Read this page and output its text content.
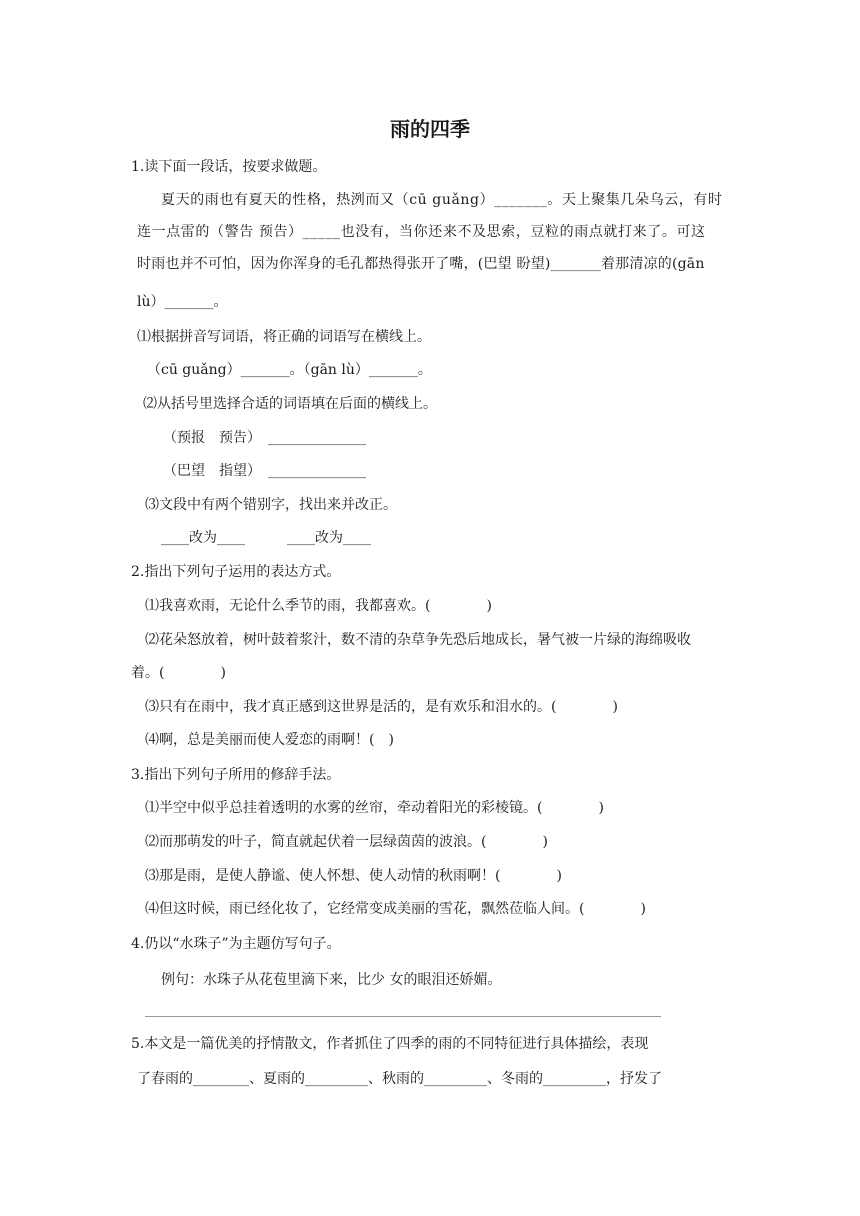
雨的四季
1.读下面一段话，按要求做题。
夏天的雨也有夏天的性格，热洌而又（cū guǎng）_______。天上聚集几朵乌云，有时
连一点雷的（警告 预告）_____也没有，当你还来不及思索，豆粒的雨点就打来了。可这
时雨也并不可怕，因为你浑身的毛孔都热得张开了嘴，(巴望 盼望)_______着那清凉的(gān
lù）_______。
⑴根据拼音写词语，将正确的词语写在横线上。
（cū guǎng）_______。（gān lù）_______。
⑵从括号里选择合适的词语填在后面的横线上。
（预报　预告）　______________
（巴望　指望）　______________
⑶文段中有两个错别字，找出来并改正。
____改为____　　　____改为____
2.指出下列句子运用的表达方式。
⑴我喜欢雨，无论什么季节的雨，我都喜欢。(　　　　)
⑵花朵怒放着，树叶鼓着浆汁，数不清的杂草争先恐后地成长，暑气被一片绿的海绵吸收
着。(　　　　)
⑶只有在雨中，我才真正感到这世界是活的，是有欢乐和泪水的。(　　　　)
⑷啊，总是美丽而使人爱恋的雨啊！(　)
3.指出下列句子所用的修辞手法。
⑴半空中似乎总挂着透明的水雾的丝帘，牵动着阳光的彩棱镜。(　　　　)
⑵而那萌发的叶子，简直就起伏着一层绿茵茵的波浪。(　　　　)
⑶那是雨，是使人静谧、使人怀想、使人动情的秋雨啊！(　　　　)
⑷但这时候，雨已经化妆了，它经常变成美丽的雪花，飘然莅临人间。(　　　　)
4.仍以“水珠子”为主题仿写句子。
例句：水珠子从花苞里滴下来，比少 女的眼泪还娇媚。
5.本文是一篇优美的抒情散文，作者抓住了四季的雨的不同特征进行具体描绘，表现
了春雨的________、夏雨的_________、秋雨的_________、冬雨的_________，抒发了
